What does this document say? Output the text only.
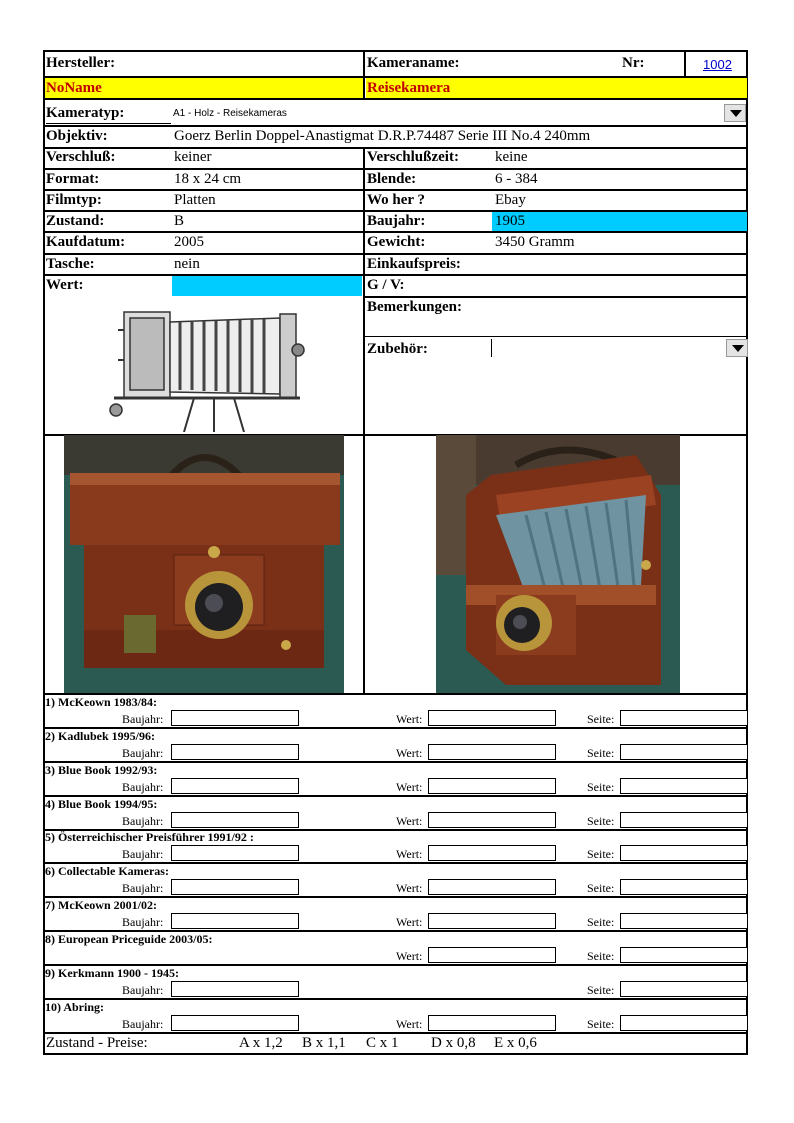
Hersteller:	Kameraname:	Nr:	1002
NoName	Reisekamera
Kameratyp:	A1 - Holz - Reisekameras
Objektiv:	Goerz Berlin Doppel-Anastigmat D.R.P.74487 Serie III No.4 240mm
Verschluß:	keiner	Verschlußzeit: keine
Format:	18 x 24 cm	Blende:	6 - 384
Filmtyp:	Platten	Wo her ?	Ebay
Zustand:	B	Baujahr:	1905
Kaufdatum:	2005	Gewicht:	3450 Gramm
Tasche:	nein	Einkaufspreis:
Wert:	G / V:
Bemerkungen:
Zubehör:
1) McKeown 1983/84:
Baujahr:	Wert:	Seite:
2) Kadlubek 1995/96:
Baujahr:	Wert:	Seite:
3) Blue Book 1992/93:
Baujahr:	Wert:	Seite:
4) Blue Book 1994/95:
Baujahr:	Wert:	Seite:
5) Österreichischer Preisführer 1991/92 :
Baujahr:	Wert:	Seite:
6) Collectable Kameras:
Baujahr:	Wert:	Seite:
7) McKeown 2001/02:
Baujahr:	Wert:	Seite:
8) European Priceguide 2003/05:
Wert:	Seite:
9) Kerkmann 1900 - 1945:
Baujahr:	Seite:
10) Abring:
Baujahr:	Wert:	Seite:
Zustand - Preise:	A x 1,2 B x 1,1 C x 1 D x 0,8 E x 0,6
